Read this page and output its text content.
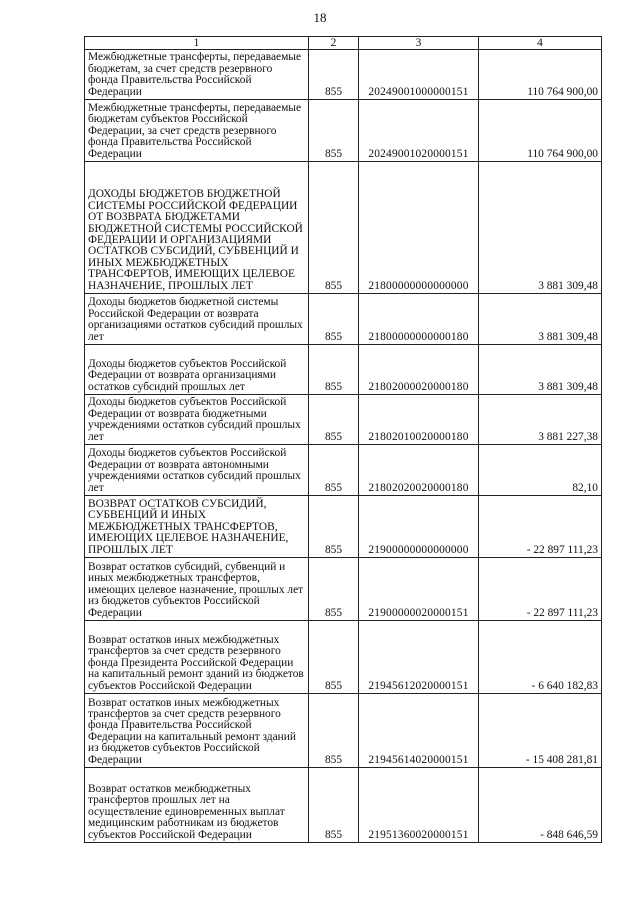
18
1	2	3	4
Межбюджетные трансферты, передаваемые бюджетам, за счет средств резервного фонда Правительства Российской Федерации	855	20249001000000151	110 764 900,00
Межбюджетные трансферты, передаваемые бюджетам субъектов Российской Федерации, за счет средств резервного фонда Правительства Российской Федерации	855	20249001020000151	110 764 900,00
ДОХОДЫ БЮДЖЕТОВ БЮДЖЕТНОЙ СИСТЕМЫ РОССИЙСКОЙ ФЕДЕРАЦИИ ОТ ВОЗВРАТА БЮДЖЕТАМИ БЮДЖЕТНОЙ СИСТЕМЫ РОССИЙСКОЙ ФЕДЕРАЦИИ И ОРГАНИЗАЦИЯМИ ОСТАТКОВ СУБСИДИЙ, СУБВЕНЦИЙ И ИНЫХ МЕЖБЮДЖЕТНЫХ ТРАНСФЕРТОВ, ИМЕЮЩИХ ЦЕЛЕВОЕ НАЗНАЧЕНИЕ, ПРОШЛЫХ ЛЕТ	855	21800000000000000	3 881 309,48
Доходы бюджетов бюджетной системы Российской Федерации от возврата организациями остатков субсидий прошлых лет	855	21800000000000180	3 881 309,48
Доходы бюджетов субъектов Российской Федерации от возврата организациями остатков субсидий прошлых лет	855	21802000020000180	3 881 309,48
Доходы бюджетов субъектов Российской Федерации от возврата бюджетными учреждениями остатков субсидий прошлых лет	855	21802010020000180	3 881 227,38
Доходы бюджетов субъектов Российской Федерации от возврата автономными учреждениями остатков субсидий прошлых лет	855	21802020020000180	82,10
ВОЗВРАТ ОСТАТКОВ СУБСИДИЙ, СУБВЕНЦИЙ И ИНЫХ МЕЖБЮДЖЕТНЫХ ТРАНСФЕРТОВ, ИМЕЮЩИХ ЦЕЛЕВОЕ НАЗНАЧЕНИЕ, ПРОШЛЫХ ЛЕТ	855	21900000000000000	- 22 897 111,23
Возврат остатков субсидий, субвенций и иных межбюджетных трансфертов, имеющих целевое назначение, прошлых лет из бюджетов субъектов Российской Федерации	855	21900000020000151	- 22 897 111,23
Возврат остатков иных межбюджетных трансфертов за счет средств резервного фонда Президента Российской Федерации на капитальный ремонт зданий из бюджетов субъектов Российской Федерации	855	21945612020000151	- 6 640 182,83
Возврат остатков иных межбюджетных трансфертов за счет средств резервного фонда Правительства Российской Федерации на капитальный ремонт зданий из бюджетов субъектов Российской Федерации	855	21945614020000151	- 15 408 281,81
Возврат остатков межбюджетных трансфертов прошлых лет на осуществление единовременных выплат медицинским работникам из бюджетов субъектов Российской Федерации	855	21951360020000151	- 848 646,59
